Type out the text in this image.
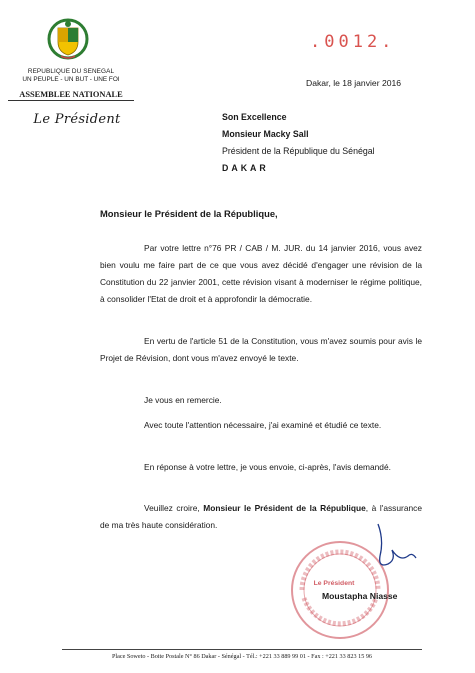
REPUBLIQUE DU SENEGAL
UN PEUPLE - UN BUT - UNE FOI
ASSEMBLEE NATIONALE
Le Président
.0012.
Dakar, le 18 janvier 2016
Son Excellence
Monsieur Macky Sall
Président de la République du Sénégal
DAKAR
Monsieur le Président de la République,
Par votre lettre n°76 PR / CAB / M. JUR. du 14 janvier 2016, vous avez bien voulu me faire part de ce que vous avez décidé d'engager une révision de la Constitution du 22 janvier 2001, cette révision visant à moderniser le régime politique, à consolider l'Etat de droit et à approfondir la démocratie.
En vertu de l'article 51 de la Constitution, vous m'avez soumis pour avis le Projet de Révision, dont vous m'avez envoyé le texte.
Je vous en remercie.
Avec toute l'attention nécessaire, j'ai examiné et étudié ce texte.
En réponse à votre lettre, je vous envoie, ci-après, l'avis demandé.
Veuillez croire, Monsieur le Président de la République, à l'assurance de ma très haute considération.
Le Président
Moustapha Niasse
Place Soweto - Boite Postale N° 86 Dakar - Sénégal - Tél.: +221 33 889 99 01 - Fax : +221 33 823 15 96
